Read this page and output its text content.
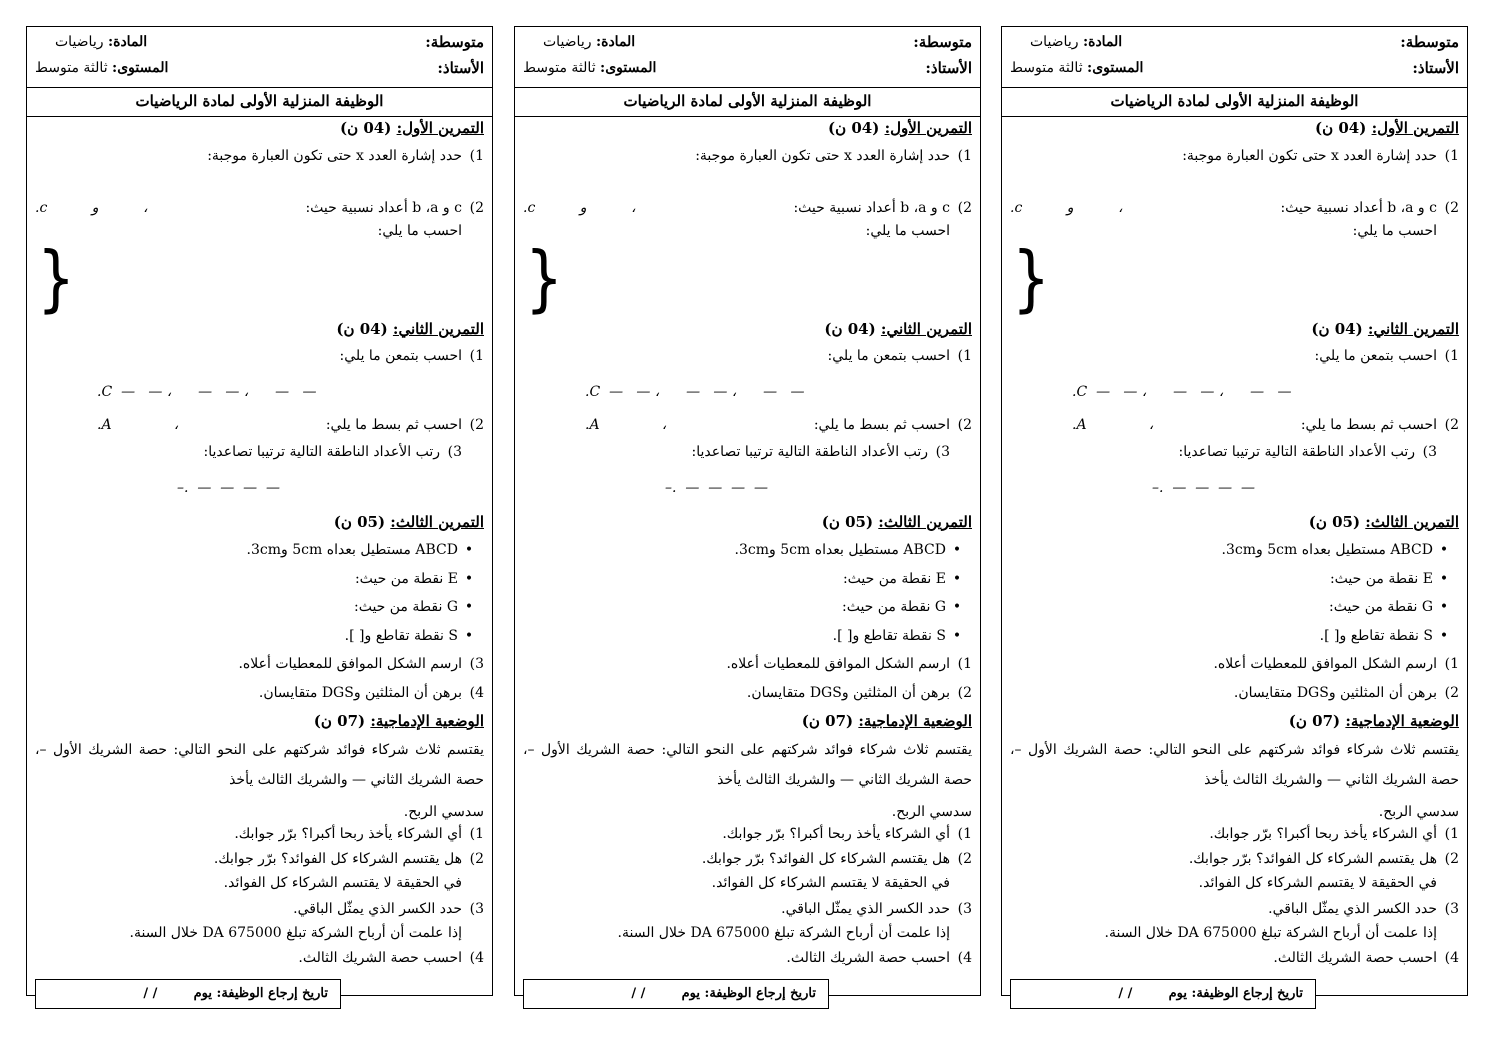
متوسطة:
المادة: رياضيات
الأستاذ:
المستوى: ثالثة متوسط
الوظيفة المنزلية الأولى لمادة الرياضيات
التمرين الأول: (04 ن)
1)حدد إشارة العدد x حتى تكون العبارة موجبة:
2)c و b ،a أعداد نسبية حيث:
.c          و          ،
احسب ما يلي:
{
التمرين الثاني: (04 ن)
1)احسب بتمعن ما يلي:
.C  —   — ،      —   — ،      —   —
2)احسب ثم بسط ما يلي:
.A              ،
3)رتب الأعداد الناطقة التالية ترتيبا تصاعديا:
–.  —  —  —  —
التمرين الثالث: (05 ن)
• ABCD مستطيل بعداه 5cm و3cm.
• E نقطة من حيث:
• G نقطة من حيث:
• S نقطة تقاطع و[ ].
1)ارسم الشكل الموافق للمعطيات أعلاه.
2)برهن أن المثلثين وDGS متقايسان.
الوضعية الإدماجية: (07 ن)
يقتسم ثلاث شركاء فوائد شركتهم على النحو التالي: حصة الشريك الأول –، حصة الشريك الثاني — والشريك الثالث يأخذ
سدسي الربح.
1)أي الشركاء يأخذ ربحا أكبرا؟ برّر جوابك.
2)هل يقتسم الشركاء كل الفوائد؟ برّر جوابك.
في الحقيقة لا يقتسم الشركاء كل الفوائد.
3)حدد الكسر الذي يمثّل الباقي.
إذا علمت أن أرباح الشركة تبلغ 675000 DA خلال السنة.
4)احسب حصة الشريك الثالث.
تاريخ إرجاع الوظيفة: يوم        / /
متوسطة:
المادة: رياضيات
الأستاذ:
المستوى: ثالثة متوسط
الوظيفة المنزلية الأولى لمادة الرياضيات
التمرين الأول: (04 ن)
1)حدد إشارة العدد x حتى تكون العبارة موجبة:
2)c و b ،a أعداد نسبية حيث:
.c          و          ،
احسب ما يلي:
{
التمرين الثاني: (04 ن)
1)احسب بتمعن ما يلي:
.C  —   — ،      —   — ،      —   —
2)احسب ثم بسط ما يلي:
.A              ،
3)رتب الأعداد الناطقة التالية ترتيبا تصاعديا:
–.  —  —  —  —
التمرين الثالث: (05 ن)
• ABCD مستطيل بعداه 5cm و3cm.
• E نقطة من حيث:
• G نقطة من حيث:
• S نقطة تقاطع و[ ].
1)ارسم الشكل الموافق للمعطيات أعلاه.
2)برهن أن المثلثين وDGS متقايسان.
الوضعية الإدماجية: (07 ن)
يقتسم ثلاث شركاء فوائد شركتهم على النحو التالي: حصة الشريك الأول –، حصة الشريك الثاني — والشريك الثالث يأخذ
سدسي الربح.
1)أي الشركاء يأخذ ربحا أكبرا؟ برّر جوابك.
2)هل يقتسم الشركاء كل الفوائد؟ برّر جوابك.
في الحقيقة لا يقتسم الشركاء كل الفوائد.
3)حدد الكسر الذي يمثّل الباقي.
إذا علمت أن أرباح الشركة تبلغ 675000 DA خلال السنة.
4)احسب حصة الشريك الثالث.
تاريخ إرجاع الوظيفة: يوم        / /
متوسطة:
المادة: رياضيات
الأستاذ:
المستوى: ثالثة متوسط
الوظيفة المنزلية الأولى لمادة الرياضيات
التمرين الأول: (04 ن)
1)حدد إشارة العدد x حتى تكون العبارة موجبة:
2)c و b ،a أعداد نسبية حيث:
.c          و          ،
احسب ما يلي:
{
التمرين الثاني: (04 ن)
1)احسب بتمعن ما يلي:
.C  —   — ،      —   — ،      —   —
2)احسب ثم بسط ما يلي:
.A              ،
3)رتب الأعداد الناطقة التالية ترتيبا تصاعديا:
–.  —  —  —  —
التمرين الثالث: (05 ن)
• ABCD مستطيل بعداه 5cm و3cm.
• E نقطة من حيث:
• G نقطة من حيث:
• S نقطة تقاطع و[ ].
3)ارسم الشكل الموافق للمعطيات أعلاه.
4)برهن أن المثلثين وDGS متقايسان.
الوضعية الإدماجية: (07 ن)
يقتسم ثلاث شركاء فوائد شركتهم على النحو التالي: حصة الشريك الأول –، حصة الشريك الثاني — والشريك الثالث يأخذ
سدسي الربح.
1)أي الشركاء يأخذ ربحا أكبرا؟ برّر جوابك.
2)هل يقتسم الشركاء كل الفوائد؟ برّر جوابك.
في الحقيقة لا يقتسم الشركاء كل الفوائد.
3)حدد الكسر الذي يمثّل الباقي.
إذا علمت أن أرباح الشركة تبلغ 675000 DA خلال السنة.
4)احسب حصة الشريك الثالث.
تاريخ إرجاع الوظيفة: يوم        / /
